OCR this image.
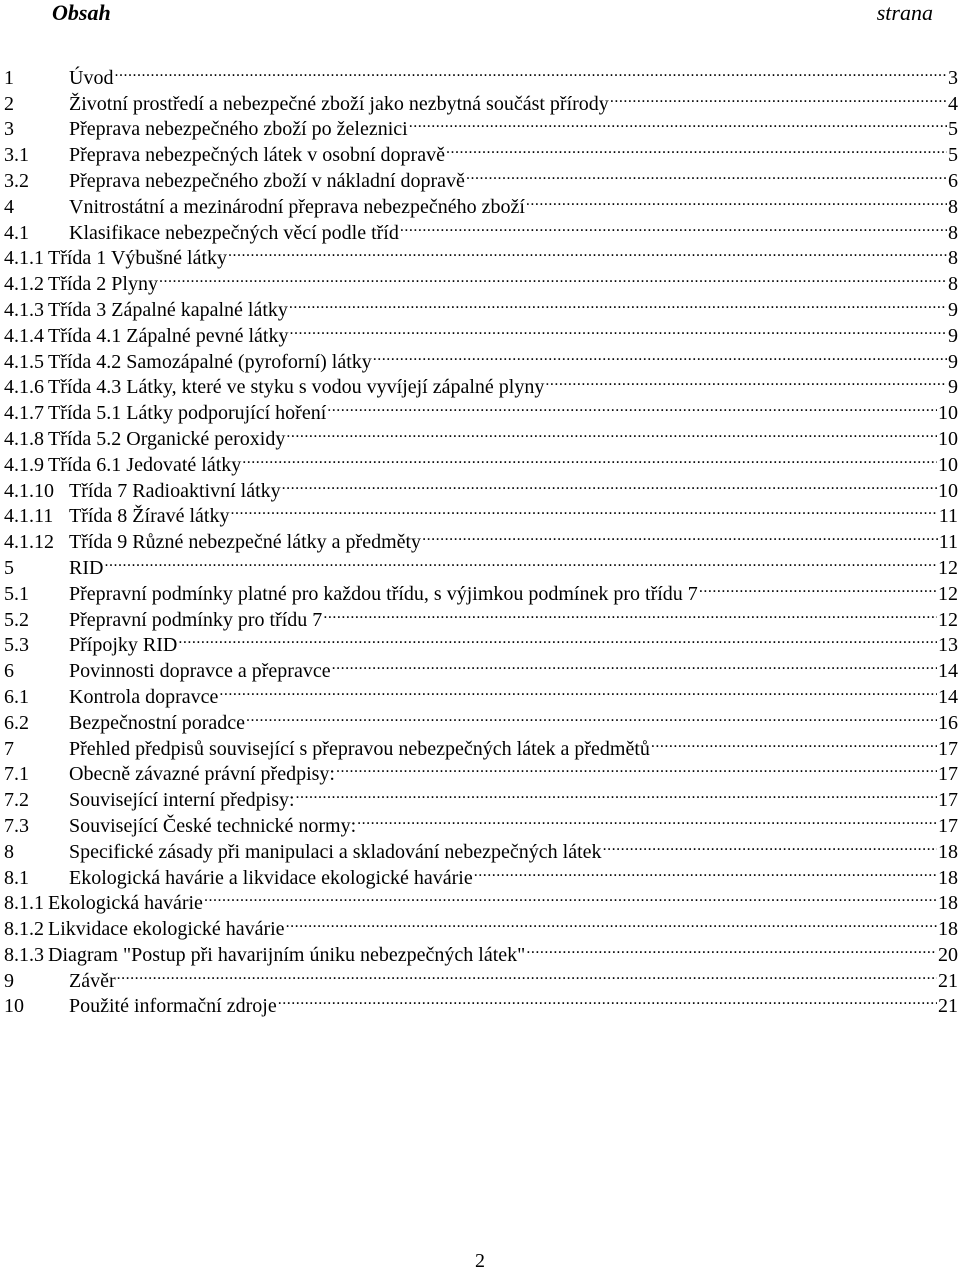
Obsah	strana
1	Úvod .....	3
2	Životní prostředí a nebezpečné zboží jako nezbytná součást přírody .....	4
3	Přeprava nebezpečného zboží po železnici .....	5
3.1	Přeprava nebezpečných látek v osobní dopravě .....	5
3.2	Přeprava nebezpečného zboží v nákladní dopravě .....	6
4	Vnitrostátní a mezinárodní přeprava nebezpečného zboží .....	8
4.1	Klasifikace nebezpečných věcí podle tříd .....	8
4.1.1 Třída 1 Výbušné látky .....	8
4.1.2 Třída 2 Plyny .....	8
4.1.3 Třída 3 Zápalné kapalné látky .....	9
4.1.4 Třída 4.1 Zápalné pevné látky .....	9
4.1.5 Třída 4.2 Samozápalné (pyroforní) látky .....	9
4.1.6 Třída 4.3 Látky, které ve styku s vodou vyvíjejí zápalné plyny .....	9
4.1.7 Třída 5.1 Látky podporující hoření .....	10
4.1.8 Třída 5.2 Organické peroxidy .....	10
4.1.9 Třída 6.1 Jedovaté látky .....	10
4.1.10 Třída 7 Radioaktivní látky .....	10
4.1.11 Třída 8 Žíravé látky .....	11
4.1.12 Třída 9 Různé nebezpečné látky a předměty .....	11
5	RID .....	12
5.1	Přepravní podmínky platné pro každou třídu, s výjimkou podmínek pro třídu 7 .....	12
5.2	Přepravní podmínky pro třídu 7 .....	12
5.3	Přípojky RID .....	13
6	Povinnosti dopravce a přepravce .....	14
6.1	Kontrola dopravce .....	14
6.2	Bezpečnostní poradce .....	16
7	Přehled předpisů související s přepravou nebezpečných látek a předmětů .....	17
7.1	Obecně závazné právní předpisy: .....	17
7.2	Související interní předpisy: .....	17
7.3	Související České technické normy: .....	17
8	Specifické zásady při manipulaci a skladování nebezpečných látek .....	18
8.1	Ekologická havárie a likvidace ekologické havárie .....	18
8.1.1 Ekologická havárie .....	18
8.1.2 Likvidace ekologické havárie .....	18
8.1.3 Diagram "Postup při havarijním úniku nebezpečných látek" .....	20
9	Závěr .....	21
10	Použité informační zdroje .....	21
2
